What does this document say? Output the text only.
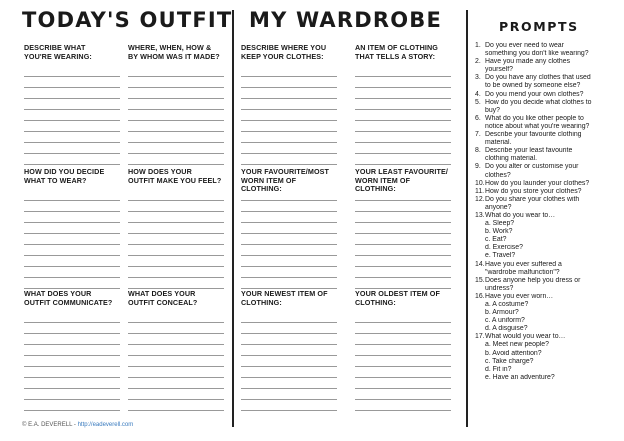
TODAY'S OUTFIT MY WARDROBE
DESCRIBE WHAT
YOU'RE WEARING:
WHERE, WHEN, HOW &
BY WHOM WAS IT MADE?
DESCRIBE WHERE YOU
KEEP YOUR CLOTHES:
AN ITEM OF CLOTHING
THAT TELLS A STORY:
HOW DID YOU DECIDE
WHAT TO WEAR?
HOW DOES YOUR
OUTFIT MAKE YOU FEEL?
YOUR FAVOURITE/MOST
WORN ITEM OF CLOTHING:
YOUR LEAST FAVOURITE/
WORN ITEM OF CLOTHING:
WHAT DOES YOUR
OUTFIT COMMUNICATE?
WHAT DOES YOUR
OUTFIT CONCEAL?
YOUR NEWEST ITEM OF
CLOTHING:
YOUR OLDEST ITEM OF
CLOTHING:
PROMPTS
1. Do you ever need to wear
something you don't like wearing?
2. Have you made any clothes
yourself?
3. Do you have any clothes that used
to be owned by someone else?
4. Do you mend your own clothes?
5. How do you decide what clothes to
buy?
6. What do you like other people to
notice about what you're wearing?
7. Describe your favourite clothing
material.
8. Describe your least favourite
clothing material.
9. Do you alter or customise your
clothes?
10.How do you launder your clothes?
11.How do you store your clothes?
12.Do you share your clothes with
anyone?
13.What do you wear to…
a. Sleep?
b. Work?
c. Eat?
d. Exercise?
e. Travel?
14.Have you ever suffered a
"wardrobe malfunction"?
15.Does anyone help you dress or
undress?
16.Have you ever worn…
a. A costume?
b. Armour?
c. A uniform?
d. A disguise?
17.What would you wear to…
a. Meet new people?
b. Avoid attention?
c. Take charge?
d. Fit in?
e. Have an adventure?
© E.A. DEVERELL - http://eadeverell.com
